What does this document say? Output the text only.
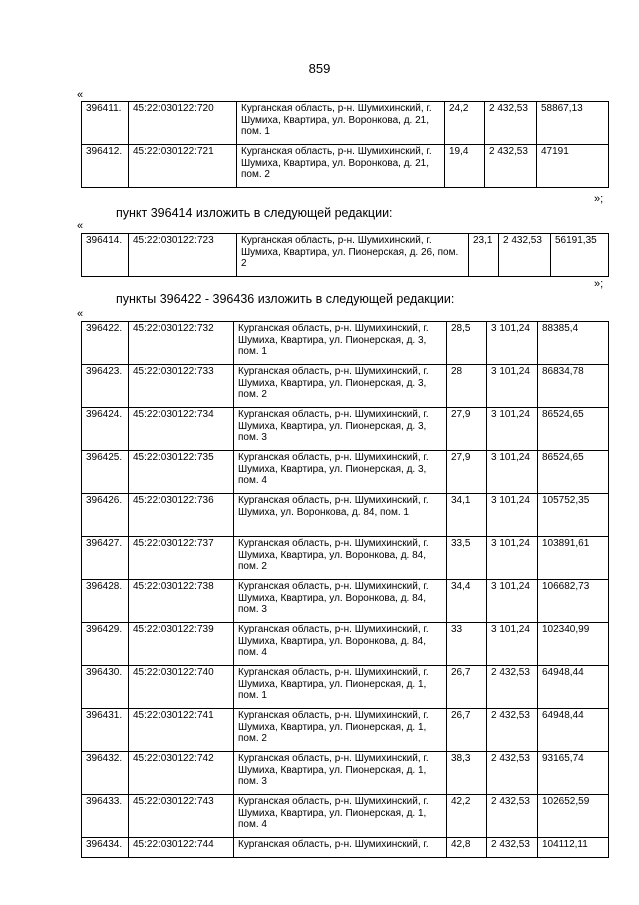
859
«
396411.	45:22:030122:720	Курганская область, р-н. Шумихинский, г. Шумиха, Квартира, ул. Воронкова, д. 21, пом. 1	24,2	2 432,53	58867,13
396412.	45:22:030122:721	Курганская область, р-н. Шумихинский, г. Шумиха, Квартира, ул. Воронкова, д. 21, пом. 2	19,4	2 432,53	47191
»;
пункт 396414 изложить в следующей редакции:
«
396414.	45:22:030122:723	Курганская область, р-н. Шумихинский, г. Шумиха, Квартира, ул. Пионерская, д. 26, пом. 2	23,1	2 432,53	56191,35
»;
пункты 396422 - 396436 изложить в следующей редакции:
«
396422.	45:22:030122:732	Курганская область, р-н. Шумихинский, г. Шумиха, Квартира, ул. Пионерская, д. 3, пом. 1	28,5	3 101,24	88385,4
396423.	45:22:030122:733	Курганская область, р-н. Шумихинский, г. Шумиха, Квартира, ул. Пионерская, д. 3, пом. 2	28	3 101,24	86834,78
396424.	45:22:030122:734	Курганская область, р-н. Шумихинский, г. Шумиха, Квартира, ул. Пионерская, д. 3, пом. 3	27,9	3 101,24	86524,65
396425.	45:22:030122:735	Курганская область, р-н. Шумихинский, г. Шумиха, Квартира, ул. Пионерская, д. 3, пом. 4	27,9	3 101,24	86524,65
396426.	45:22:030122:736	Курганская область, р-н. Шумихинский, г. Шумиха, ул. Воронкова, д. 84, пом. 1	34,1	3 101,24	105752,35
396427.	45:22:030122:737	Курганская область, р-н. Шумихинский, г. Шумиха, Квартира, ул. Воронкова, д. 84, пом. 2	33,5	3 101,24	103891,61
396428.	45:22:030122:738	Курганская область, р-н. Шумихинский, г. Шумиха, Квартира, ул. Воронкова, д. 84, пом. 3	34,4	3 101,24	106682,73
396429.	45:22:030122:739	Курганская область, р-н. Шумихинский, г. Шумиха, Квартира, ул. Воронкова, д. 84, пом. 4	33	3 101,24	102340,99
396430.	45:22:030122:740	Курганская область, р-н. Шумихинский, г. Шумиха, Квартира, ул. Пионерская, д. 1, пом. 1	26,7	2 432,53	64948,44
396431.	45:22:030122:741	Курганская область, р-н. Шумихинский, г. Шумиха, Квартира, ул. Пионерская, д. 1, пом. 2	26,7	2 432,53	64948,44
396432.	45:22:030122:742	Курганская область, р-н. Шумихинский, г. Шумиха, Квартира, ул. Пионерская, д. 1, пом. 3	38,3	2 432,53	93165,74
396433.	45:22:030122:743	Курганская область, р-н. Шумихинский, г. Шумиха, Квартира, ул. Пионерская, д. 1, пом. 4	42,2	2 432,53	102652,59
396434.	45:22:030122:744	Курганская область, р-н. Шумихинский, г.	42,8	2 432,53	104112,11
